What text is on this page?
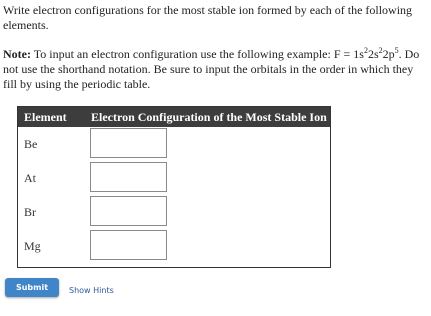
Write electron configurations for the most stable ion formed by each of the following elements.

Note: To input an electron configuration use the following example: $F = 1s^22s^22p^5$. Do not use the shorthand notation. Be sure to input the orbitals in the order in which they fill by using the periodic table.

Element Electron Configuration of the Most Stable Ion
Be
At
Br
Mg
Submit	Show Hints
